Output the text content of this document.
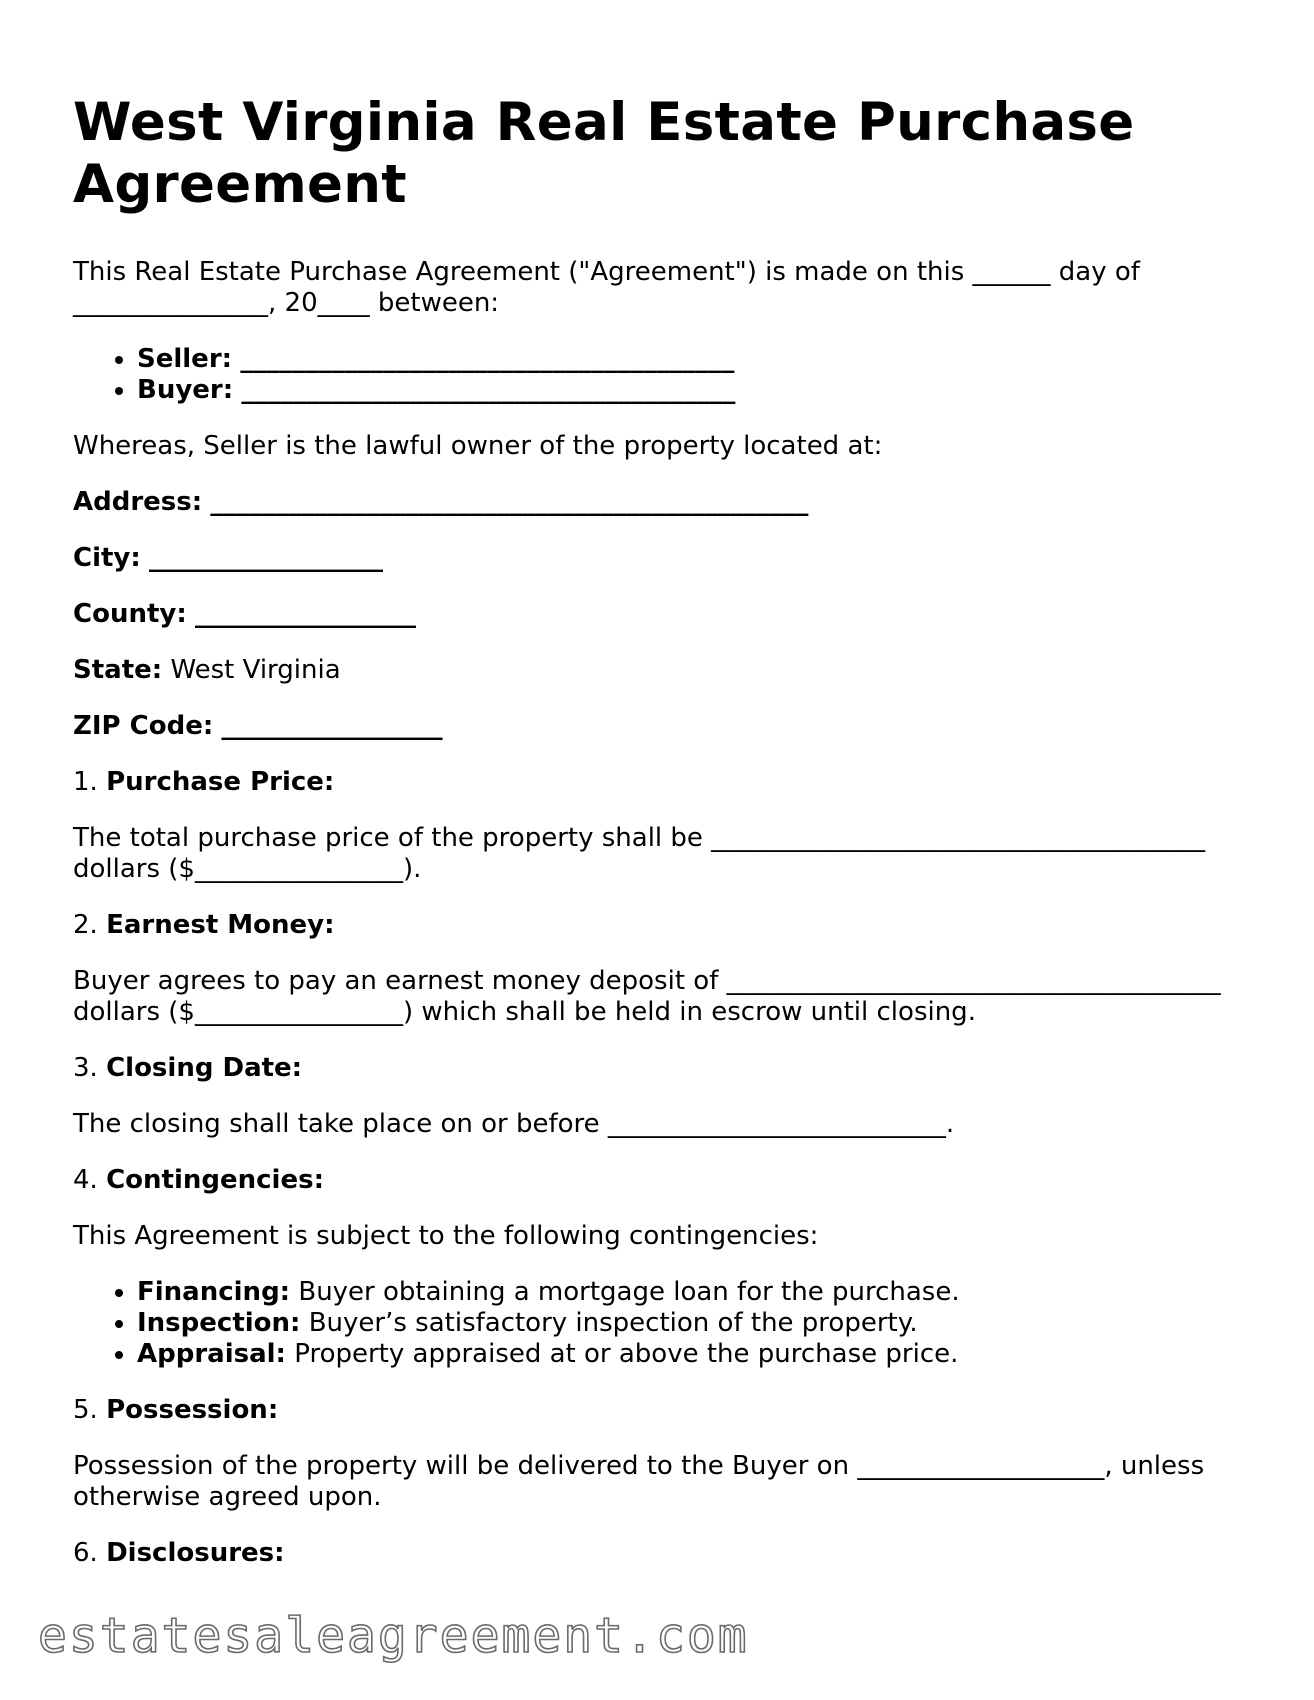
West Virginia Real Estate Purchase Agreement

This Real Estate Purchase Agreement ("Agreement") is made on this ______ day of _______________, 20____ between:

• Seller: ______________________________________
• Buyer: ______________________________________

Whereas, Seller is the lawful owner of the property located at:

Address: ______________________________________________

City: __________________

County: _________________

State: West Virginia

ZIP Code: _________________

1. Purchase Price:

The total purchase price of the property shall be ______________________________________ dollars ($________________).

2. Earnest Money:

Buyer agrees to pay an earnest money deposit of ______________________________________ dollars ($________________) which shall be held in escrow until closing.

3. Closing Date:

The closing shall take place on or before __________________________.

4. Contingencies:

This Agreement is subject to the following contingencies:

• Financing: Buyer obtaining a mortgage loan for the purchase.
• Inspection: Buyer’s satisfactory inspection of the property.
• Appraisal: Property appraised at or above the purchase price.

5. Possession:

Possession of the property will be delivered to the Buyer on ___________________, unless otherwise agreed upon.

6. Disclosures:

estatesaleagreement.com
